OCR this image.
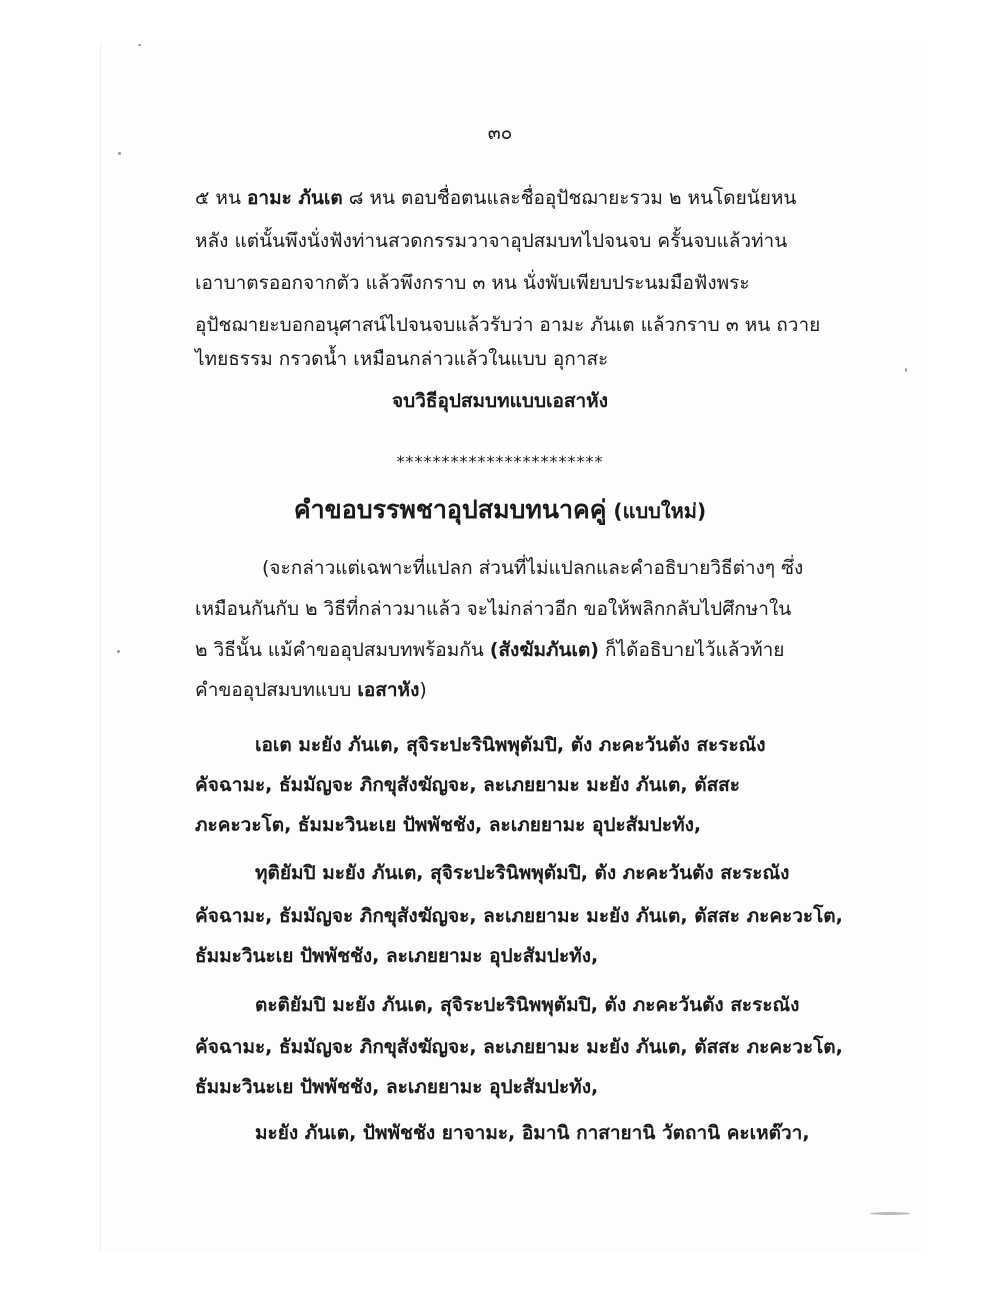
๓๐
๕ หน อามะ ภันเต ๘ หน ตอบชื่อตนและชื่ออุปัชฌายะรวม ๒ หนโดยนัยหน
หลัง แต่นั้นพึงนั่งฟังท่านสวดกรรมวาจาอุปสมบทไปจนจบ ครั้นจบแล้วท่าน
เอาบาตรออกจากตัว แล้วพึงกราบ ๓ หน นั่งพับเพียบประนมมือฟังพระ
อุปัชฌายะบอกอนุศาสน์ไปจนจบแล้วรับว่า อามะ ภันเต แล้วกราบ ๓ หน ถวาย
ไทยธรรม กรวดน้ำ เหมือนกล่าวแล้วในแบบ อุกาสะ
จบวิธีอุปสมบทแบบเอสาหัง
***********************
คำขอบรรพชาอุปสมบทนาคคู่ (แบบใหม่)
(จะกล่าวแต่เฉพาะที่แปลก ส่วนที่ไม่แปลกและคำอธิบายวิธีต่างๆ ซึ่ง
เหมือนกันกับ ๒ วิธีที่กล่าวมาแล้ว จะไม่กล่าวอีก ขอให้พลิกกลับไปศึกษาใน
๒ วิธีนั้น แม้คำขออุปสมบทพร้อมกัน (สังฆัมภันเต) ก็ได้อธิบายไว้แล้วท้าย
คำขออุปสมบทแบบ เอสาหัง)
เอเต มะยัง ภันเต, สุจิระปะรินิพพุตัมปิ, ตัง ภะคะวันตัง สะระณัง
คัจฉามะ, ธัมมัญจะ ภิกขุสังฆัญจะ, ละเภยยามะ มะยัง ภันเต, ตัสสะ
ภะคะวะโต, ธัมมะวินะเย ปัพพัชชัง, ละเภยยามะ อุปะสัมปะทัง,
ทุติยัมปิ มะยัง ภันเต, สุจิระปะรินิพพุตัมปิ, ตัง ภะคะวันตัง สะระณัง
คัจฉามะ, ธัมมัญจะ ภิกขุสังฆัญจะ, ละเภยยามะ มะยัง ภันเต, ตัสสะ ภะคะวะโต,
ธัมมะวินะเย ปัพพัชชัง, ละเภยยามะ อุปะสัมปะทัง,
ตะติยัมปิ มะยัง ภันเต, สุจิระปะรินิพพุตัมปิ, ตัง ภะคะวันตัง สะระณัง
คัจฉามะ, ธัมมัญจะ ภิกขุสังฆัญจะ, ละเภยยามะ มะยัง ภันเต, ตัสสะ ภะคะวะโต,
ธัมมะวินะเย ปัพพัชชัง, ละเภยยามะ อุปะสัมปะทัง,
มะยัง ภันเต, ปัพพัชชัง ยาจามะ, อิมานิ กาสายานิ วัตถานิ คะเหต๊วา,
